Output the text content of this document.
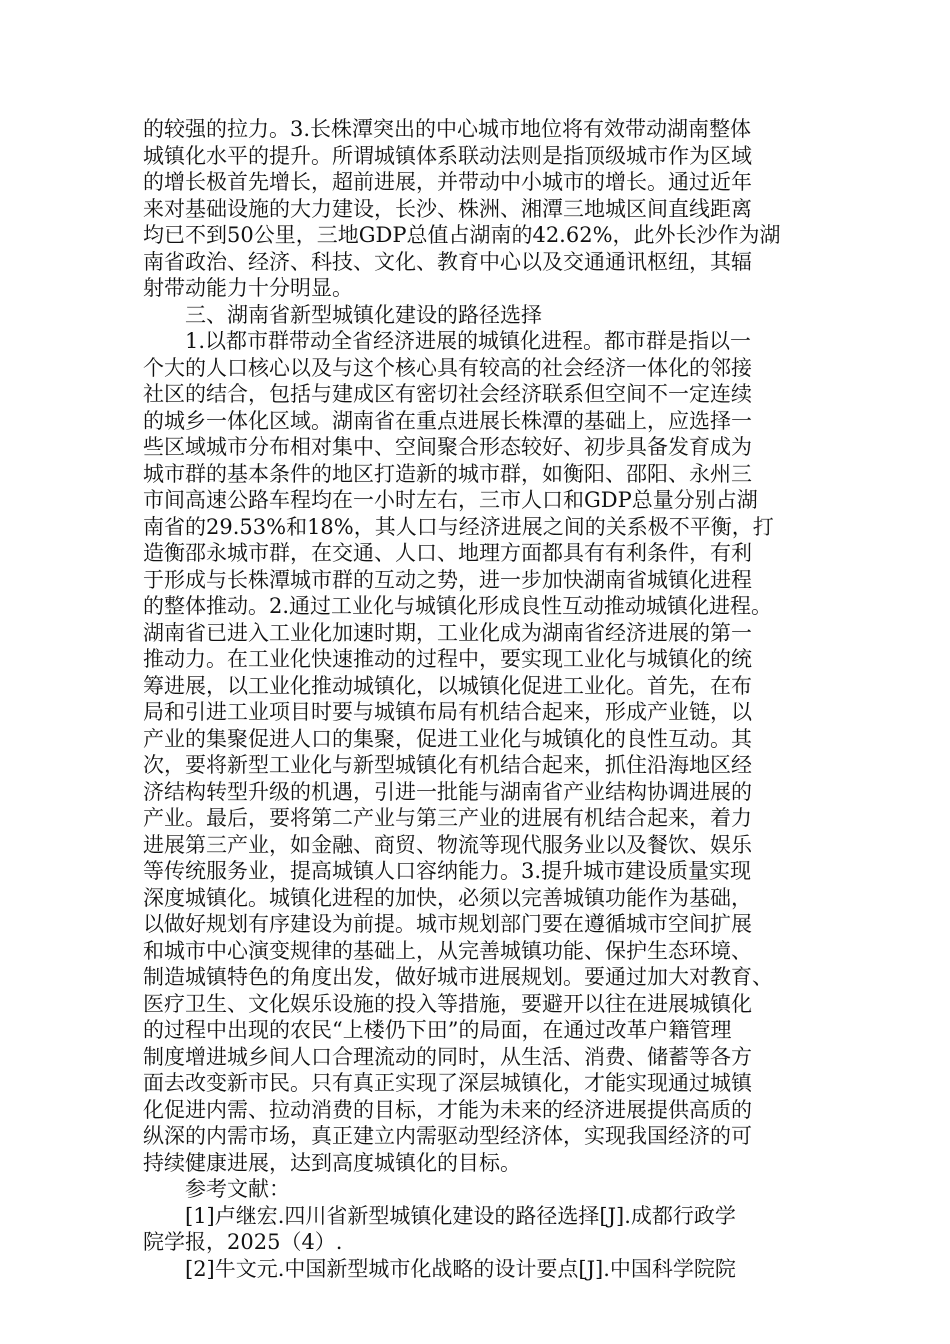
的较强的拉力。3.长株潭突出的中心城市地位将有效带动湖南整体
城镇化水平的提升。所谓城镇体系联动法则是指顶级城市作为区域
的增长极首先增长，超前进展，并带动中小城市的增长。通过近年
来对基础设施的大力建设，长沙、株洲、湘潭三地城区间直线距离
均已不到50公里，三地GDP总值占湖南的42.62%，此外长沙作为湖
南省政治、经济、科技、文化、教育中心以及交通通讯枢纽，其辐
射带动能力十分明显。
　　三、湖南省新型城镇化建设的路径选择
　　1.以都市群带动全省经济进展的城镇化进程。都市群是指以一
个大的人口核心以及与这个核心具有较高的社会经济一体化的邻接
社区的结合，包括与建成区有密切社会经济联系但空间不一定连续
的城乡一体化区域。湖南省在重点进展长株潭的基础上，应选择一
些区域城市分布相对集中、空间聚合形态较好、初步具备发育成为
城市群的基本条件的地区打造新的城市群，如衡阳、邵阳、永州三
市间高速公路车程均在一小时左右，三市人口和GDP总量分别占湖
南省的29.53%和18%，其人口与经济进展之间的关系极不平衡，打
造衡邵永城市群，在交通、人口、地理方面都具有有利条件，有利
于形成与长株潭城市群的互动之势，进一步加快湖南省城镇化进程
的整体推动。2.通过工业化与城镇化形成良性互动推动城镇化进程。
湖南省已进入工业化加速时期，工业化成为湖南省经济进展的第一
推动力。在工业化快速推动的过程中，要实现工业化与城镇化的统
筹进展，以工业化推动城镇化，以城镇化促进工业化。首先，在布
局和引进工业项目时要与城镇布局有机结合起来，形成产业链，以
产业的集聚促进人口的集聚，促进工业化与城镇化的良性互动。其
次，要将新型工业化与新型城镇化有机结合起来，抓住沿海地区经
济结构转型升级的机遇，引进一批能与湖南省产业结构协调进展的
产业。最后，要将第二产业与第三产业的进展有机结合起来，着力
进展第三产业，如金融、商贸、物流等现代服务业以及餐饮、娱乐
等传统服务业，提高城镇人口容纳能力。3.提升城市建设质量实现
深度城镇化。城镇化进程的加快，必须以完善城镇功能作为基础，
以做好规划有序建设为前提。城市规划部门要在遵循城市空间扩展
和城市中心演变规律的基础上，从完善城镇功能、保护生态环境、
制造城镇特色的角度出发，做好城市进展规划。要通过加大对教育、
医疗卫生、文化娱乐设施的投入等措施，要避开以往在进展城镇化
的过程中出现的农民“上楼仍下田”的局面，在通过改革户籍管理
制度增进城乡间人口合理流动的同时，从生活、消费、储蓄等各方
面去改变新市民。只有真正实现了深层城镇化，才能实现通过城镇
化促进内需、拉动消费的目标，才能为未来的经济进展提供高质的
纵深的内需市场，真正建立内需驱动型经济体，实现我国经济的可
持续健康进展，达到高度城镇化的目标。
　　参考文献：
　　[1]卢继宏.四川省新型城镇化建设的路径选择[J].成都行政学
院学报，2025（4）.
　　[2]牛文元.中国新型城市化战略的设计要点[J].中国科学院院
